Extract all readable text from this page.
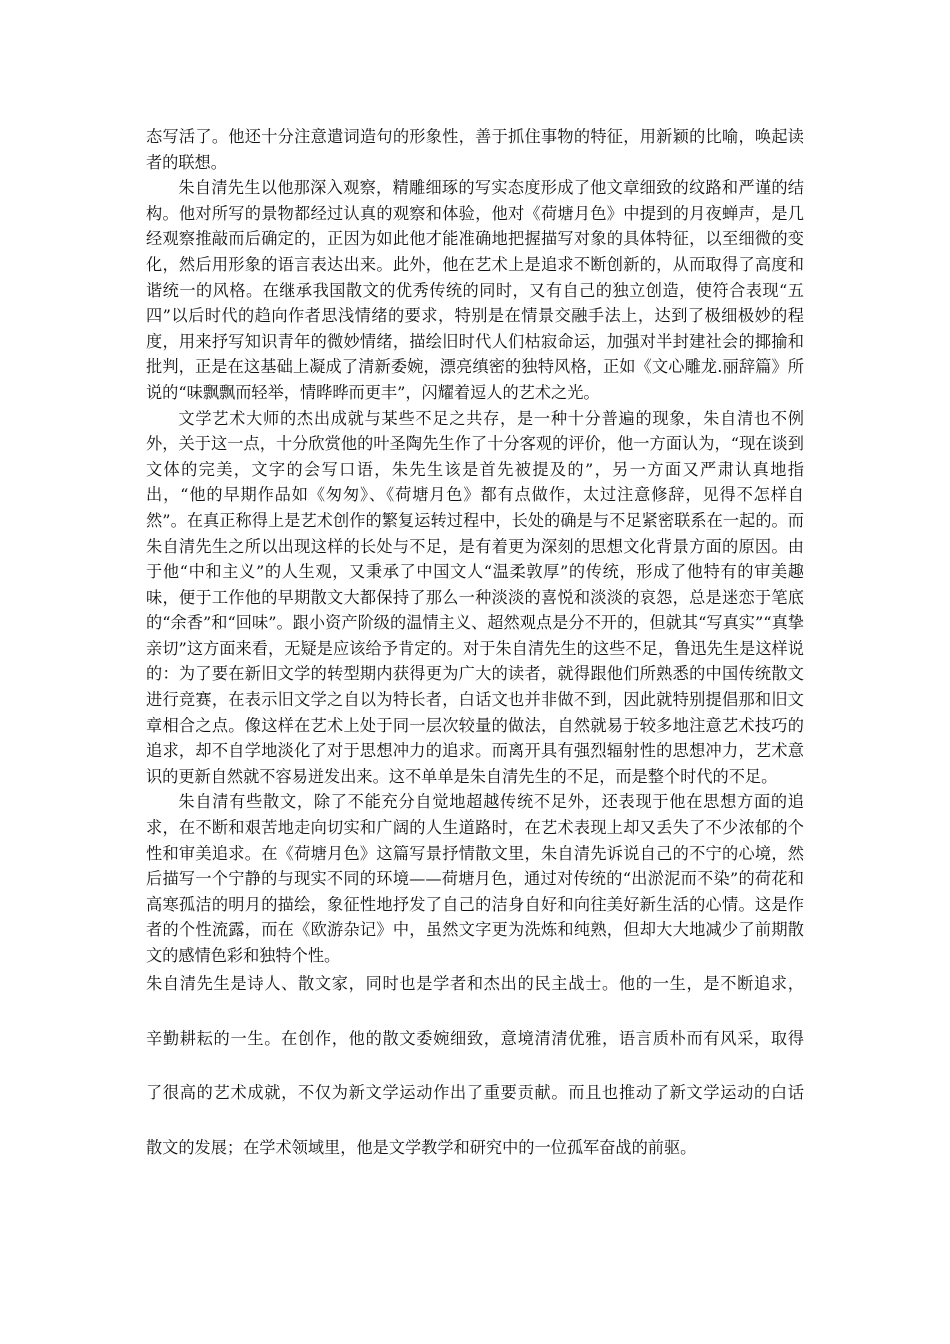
态写活了。他还十分注意遣词造句的形象性，善于抓住事物的特征，用新颖的比喻，唤起读者的联想。

朱自清先生以他那深入观察，精雕细琢的写实态度形成了他文章细致的纹路和严谨的结构。他对所写的景物都经过认真的观察和体验，他对《荷塘月色》中提到的月夜蝉声，是几经观察推敲而后确定的，正因为如此他才能准确地把握描写对象的具体特征，以至细微的变化，然后用形象的语言表达出来。此外，他在艺术上是追求不断创新的，从而取得了高度和谐统一的风格。在继承我国散文的优秀传统的同时，又有自己的独立创造，使符合表现“五四”以后时代的趋向作者思浅情绪的要求，特别是在情景交融手法上，达到了极细极妙的程度，用来抒写知识青年的微妙情绪，描绘旧时代人们枯寂命运，加强对半封建社会的揶揄和批判，正是在这基础上凝成了清新委婉，漂亮缜密的独特风格，正如《文心雕龙.丽辞篇》所说的“味飘飘而轻举，情晔晔而更丰”，闪耀着逗人的艺术之光。

文学艺术大师的杰出成就与某些不足之共存，是一种十分普遍的现象，朱自清也不例外，关于这一点，十分欣赏他的叶圣陶先生作了十分客观的评价，他一方面认为，“现在谈到文体的完美，文字的会写口语，朱先生该是首先被提及的”，另一方面又严肃认真地指出，“他的早期作品如《匆匆》、《荷塘月色》都有点做作，太过注意修辞，见得不怎样自然”。在真正称得上是艺术创作的繁复运转过程中，长处的确是与不足紧密联系在一起的。而朱自清先生之所以出现这样的长处与不足，是有着更为深刻的思想文化背景方面的原因。由于他“中和主义”的人生观，又秉承了中国文人“温柔敦厚”的传统，形成了他特有的审美趣味，便于工作他的早期散文大都保持了那么一种淡淡的喜悦和淡淡的哀怨，总是迷恋于笔底的“余香”和“回味”。跟小资产阶级的温情主义、超然观点是分不开的，但就其“写真实”“真挚亲切”这方面来看，无疑是应该给予肯定的。对于朱自清先生的这些不足，鲁迅先生是这样说的：为了要在新旧文学的转型期内获得更为广大的读者，就得跟他们所熟悉的中国传统散文进行竞赛，在表示旧文学之自以为特长者，白话文也并非做不到，因此就特别提倡那和旧文章相合之点。像这样在艺术上处于同一层次较量的做法，自然就易于较多地注意艺术技巧的追求，却不自学地淡化了对于思想冲力的追求。而离开具有强烈辐射性的思想冲力，艺术意识的更新自然就不容易迸发出来。这不单单是朱自清先生的不足，而是整个时代的不足。

朱自清有些散文，除了不能充分自觉地超越传统不足外，还表现于他在思想方面的追求，在不断和艰苦地走向切实和广阔的人生道路时，在艺术表现上却又丢失了不少浓郁的个性和审美追求。在《荷塘月色》这篇写景抒情散文里，朱自清先诉说自己的不宁的心境，然后描写一个宁静的与现实不同的环境——荷塘月色，通过对传统的“出淤泥而不染”的荷花和高寒孤洁的明月的描绘，象征性地抒发了自己的洁身自好和向往美好新生活的心情。这是作者的个性流露，而在《欧游杂记》中，虽然文字更为洗炼和纯熟，但却大大地减少了前期散文的感情色彩和独特个性。

朱自清先生是诗人、散文家，同时也是学者和杰出的民主战士。他的一生，是不断追求，
辛勤耕耘的一生。在创作，他的散文委婉细致，意境清清优雅，语言质朴而有风采，取得
了很高的艺术成就，不仅为新文学运动作出了重要贡献。而且也推动了新文学运动的白话
散文的发展；在学术领域里，他是文学教学和研究中的一位孤军奋战的前驱。
